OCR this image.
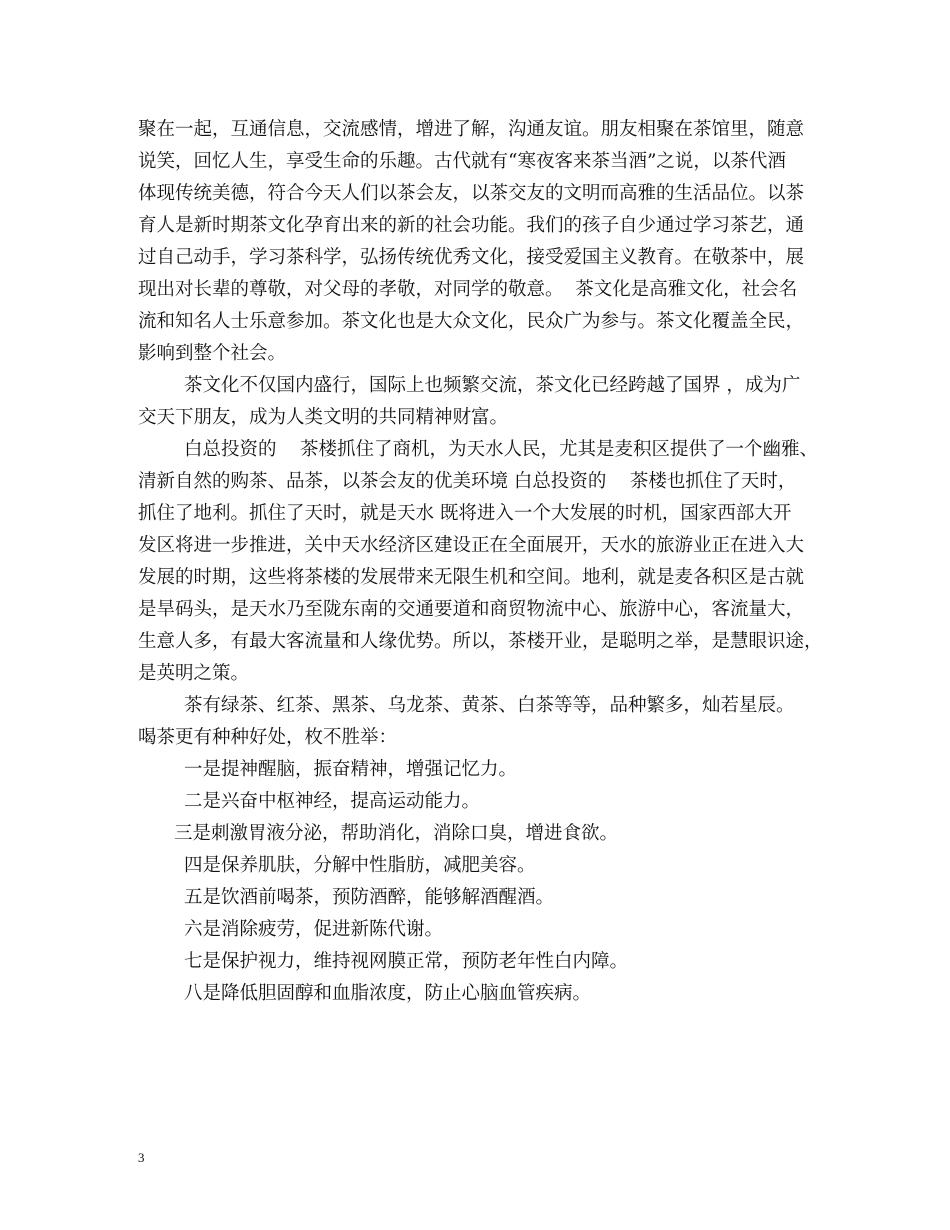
聚在一起，互通信息，交流感情，增进了解，沟通友谊。朋友相聚在茶馆里，随意
说笑，回忆人生，享受生命的乐趣。古代就有“寒夜客来茶当酒”之说，以茶代酒
体现传统美德，符合今天人们以茶会友，以茶交友的文明而高雅的生活品位。以茶
育人是新时期茶文化孕育出来的新的社会功能。我们的孩子自少通过学习茶艺，通
过自己动手，学习茶科学，弘扬传统优秀文化，接受爱国主义教育。在敬茶中，展
现出对长辈的尊敬，对父母的孝敬，对同学的敬意。  茶文化是高雅文化，社会名
流和知名人士乐意参加。茶文化也是大众文化，民众广为参与。茶文化覆盖全民，
影响到整个社会。
茶文化不仅国内盛行，国际上也频繁交流，茶文化已经跨越了国界 ，成为广
交天下朋友，成为人类文明的共同精神财富。
白总投资的    茶楼抓住了商机，为天水人民，尤其是麦积区提供了一个幽雅、
清新自然的购茶、品茶，以茶会友的优美环境 白总投资的    茶楼也抓住了天时，
抓住了地利。抓住了天时，就是天水 既将进入一个大发展的时机，国家西部大开
发区将进一步推进，关中天水经济区建设正在全面展开，天水的旅游业正在进入大
发展的时期，这些将茶楼的发展带来无限生机和空间。地利，就是麦各积区是古就
是旱码头，是天水乃至陇东南的交通要道和商贸物流中心、旅游中心，客流量大，
生意人多，有最大客流量和人缘优势。所以，茶楼开业，是聪明之举，是慧眼识途，
是英明之策。
茶有绿茶、红茶、黑茶、乌龙茶、黄茶、白茶等等，品种繁多，灿若星辰。
喝茶更有种种好处，枚不胜举：
一是提神醒脑，振奋精神，增强记忆力。
二是兴奋中枢神经，提高运动能力。
三是刺激胃液分泌，帮助消化，消除口臭，增进食欲。
四是保养肌肤，分解中性脂肪，减肥美容。
五是饮酒前喝茶，预防酒醉，能够解酒醒酒。
六是消除疲劳，促进新陈代谢。
七是保护视力，维持视网膜正常，预防老年性白内障。
八是降低胆固醇和血脂浓度，防止心脑血管疾病。
3
